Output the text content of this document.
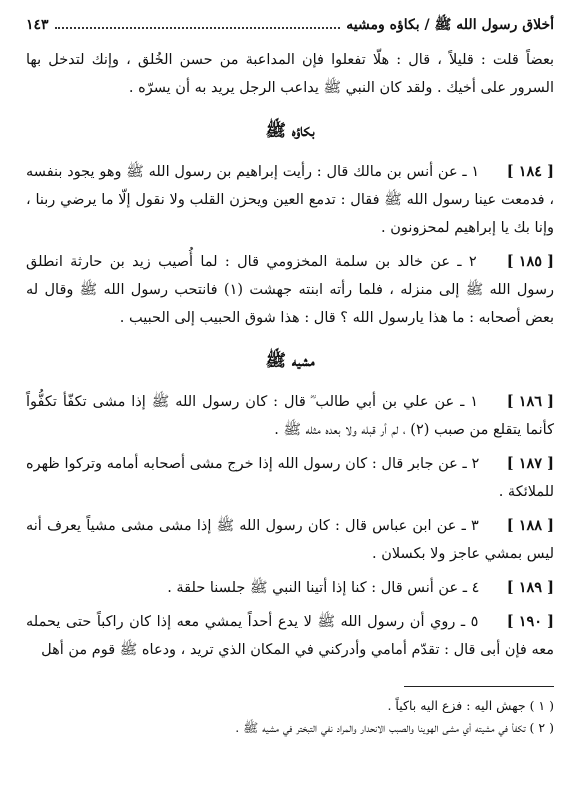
أخلاق رسول الله ﷺ / بكاؤه ومشيه
١٤٣

بعضاً قلت : قليلاً ، قال : هلّا تفعلوا فإن المداعبة من حسن الخُلق ، وإنك لتدخل بها السرور على أخيك . ولقد كان النبي ﷺ يداعب الرجل يريد به أن يسرّه .

بكاؤه ﷺ

[ ١٨٤ ] ١ ـ عن أنس بن مالك قال : رأيت إبراهيم بن رسول الله ﷺ وهو يجود بنفسه ، فدمعت عينا رسول الله ﷺ فقال : تدمع العين ويحزن القلب ولا نقول إلّا ما يرضي ربنا ، وإنا بك يا إبراهيم لمحزونون .

[ ١٨٥ ] ٢ ـ عن خالد بن سلمة المخزومي قال : لما أُصيب زيد بن حارثة انطلق رسول الله ﷺ إلى منزله ، فلما رأته ابنته جهشت (١) فانتحب رسول الله ﷺ وقال له بعض أصحابه : ما هذا يارسول الله ؟ قال : هذا شوق الحبيب إلى الحبيب .

مشيه ﷺ

[ ١٨٦ ] ١ ـ عن علي بن أبي طالب ؓ قال : كان رسول الله ﷺ إذا مشى تكفّأ تكفُّواً كأنما يتقلع من صبب (٢) ، لم أر قبله ولا بعده مثله ﷺ .

[ ١٨٧ ] ٢ ـ عن جابر قال : كان رسول الله إذا خرج مشى أصحابه أمامه وتركوا ظهره للملائكة .

[ ١٨٨ ] ٣ ـ عن ابن عباس قال : كان رسول الله ﷺ إذا مشى مشى مشياً يعرف أنه ليس بمشي عاجز ولا بكسلان .

[ ١٨٩ ] ٤ ـ عن أنس قال : كنا إذا أتينا النبي ﷺ جلسنا حلقة .

[ ١٩٠ ] ٥ ـ روي أن رسول الله ﷺ لا يدع أحداً يمشي معه إذا كان راكباً حتى يحمله معه فإن أبى قال : تقدّم أمامي وأدركني في المكان الذي تريد ، ودعاه ﷺ قوم من أهل

( ١ ) جهش اليه : فزع اليه باكياً .

( ٢ ) تكفأ في مشيته أي مشى الهوينا والصبب الانحدار والمراد نفي التبختر في مشيه ﷺ .
